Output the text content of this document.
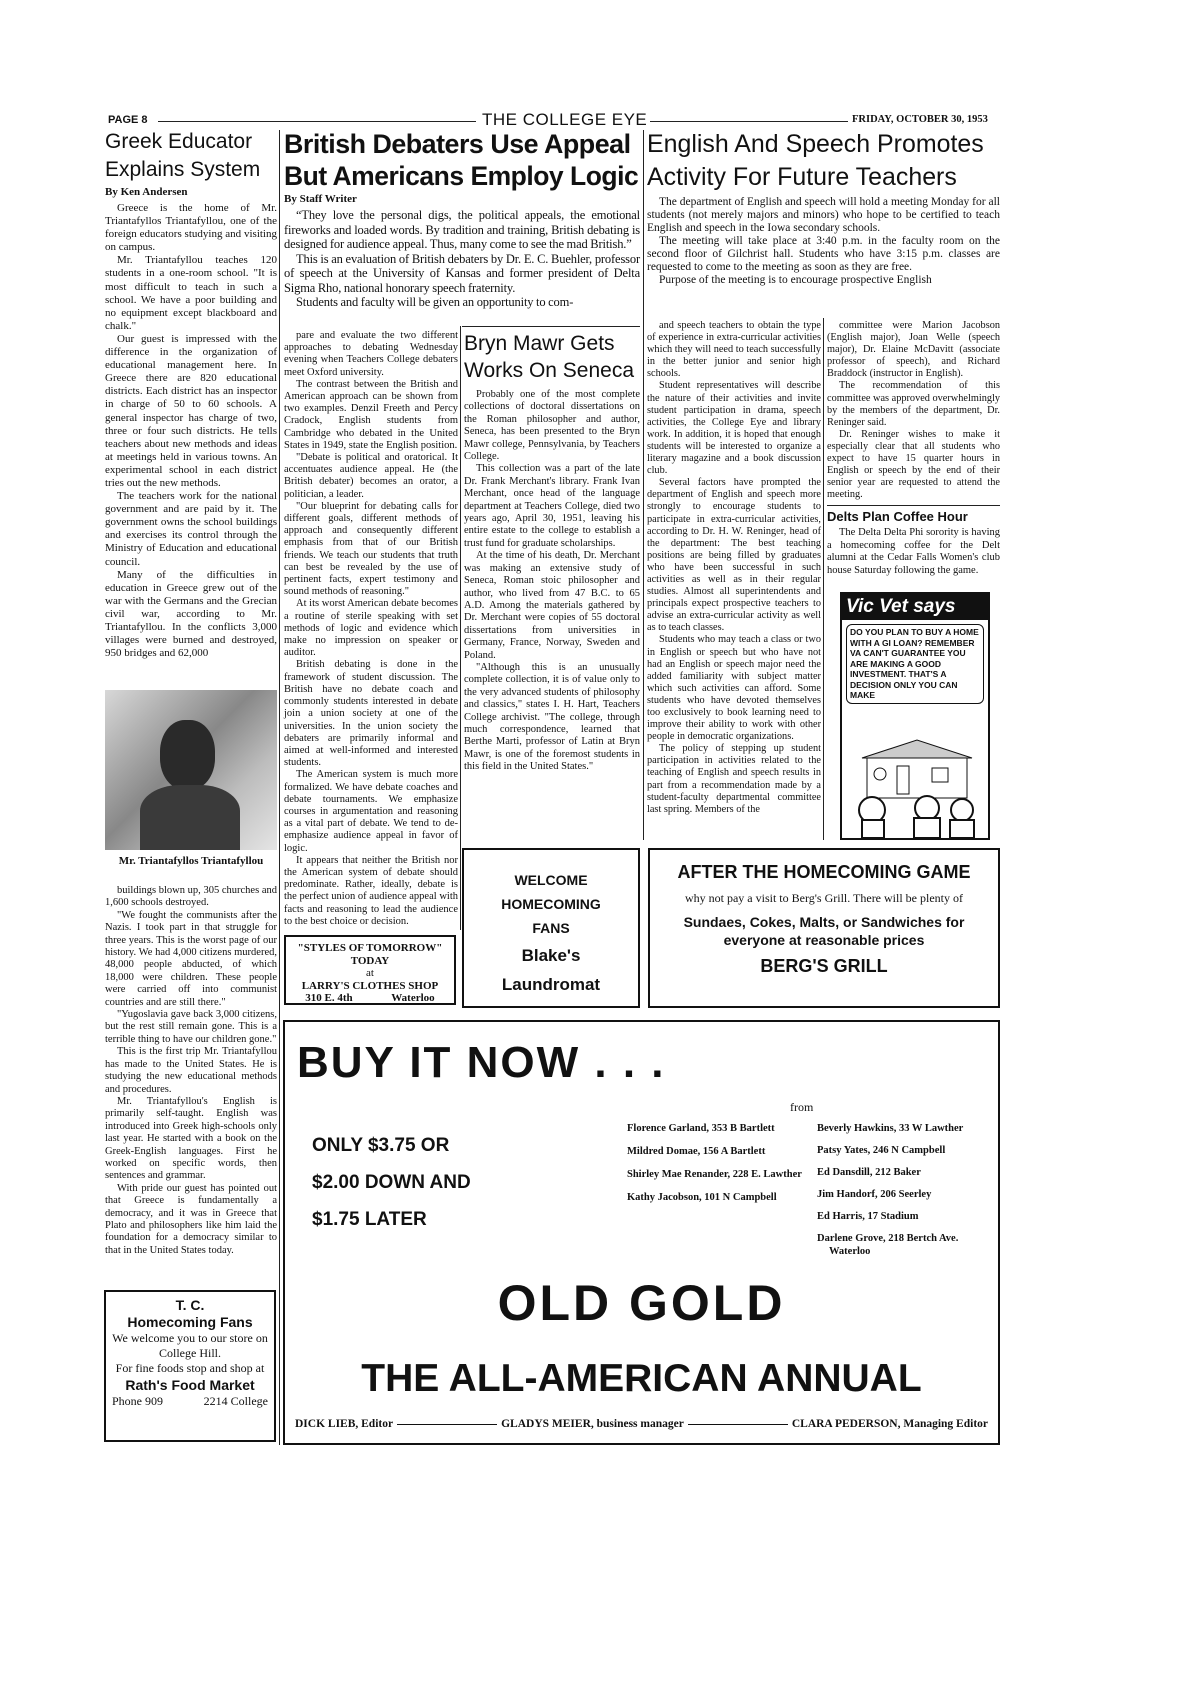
PAGE 8	THE COLLEGE EYE	FRIDAY, OCTOBER 30, 1953
Greek Educator Explains System
By Ken Andersen

Greece is the home of Mr. Triantafyllos Triantafyllou, one of the foreign educators studying and visiting on campus.

Mr. Triantafyllou teaches 120 students in a one-room school. "It is most difficult to teach in such a school. We have a poor building and no equipment except blackboard and chalk."

Our guest is impressed with the difference in the organization of educational management here. In Greece there are 820 educational districts. Each district has an inspector in charge of 50 to 60 schools. A general inspector has charge of two, three or four such districts. He tells teachers about new methods and ideas at meetings held in various towns. An experimental school in each district tries out the new methods.

The teachers work for the national government and are paid by it. The government owns the school buildings and exercises its control through the Ministry of Education and educational council.

Many of the difficulties in education in Greece grew out of the war with the Germans and the Grecian civil war, according to Mr. Triantafyllou. In the conflicts 3,000 villages were burned and destroyed, 950 bridges and 62,000

Mr. Triantafyllos Triantafyllou

buildings blown up, 305 churches and 1,600 schools destroyed.

"We fought the communists after the Nazis. I took part in that struggle for three years. This is the worst page of our history. We had 4,000 citizens murdered, 48,000 people abducted, of which 18,000 were children. These people were carried off into communist countries and are still there."

"Yugoslavia gave back 3,000 citizens, but the rest still remain gone. This is a terrible thing to have our children gone."

This is the first trip Mr. Triantafyllou has made to the United States. He is studying the new educational methods and procedures.

Mr. Triantafyllou's English is primarily self-taught. English was introduced into Greek high-schools only last year. He started with a book on the Greek-English languages. First he worked on specific words, then sentences and grammar.

With pride our guest has pointed out that Greece is fundamentally a democracy, and it was in Greece that Plato and philosophers like him laid the foundation for a democracy similar to that in the United States today.

T. C.
Homecoming Fans
We welcome you to our store on College Hill.
For fine foods stop and shop at
Rath's Food Market
Phone 909	2214 College
British Debaters Use Appeal
But Americans Employ Logic
By Staff Writer

“They love the personal digs, the political appeals, the emotional fireworks and loaded words. By tradition and training, British debating is designed for audience appeal. Thus, many come to see the mad British.”

This is an evaluation of British debaters by Dr. E. C. Buehler, professor of speech at the University of Kansas and former president of Delta Sigma Rho, national honorary speech fraternity.

Students and faculty will be given an opportunity to com-

pare and evaluate the two different approaches to debating Wednesday evening when Teachers College debaters meet Oxford university.

The contrast between the British and American approach can be shown from two examples. Denzil Freeth and Percy Cradock, English students from Cambridge who debated in the United States in 1949, state the English position.

"Debate is political and oratorical. It accentuates audience appeal. He (the British debater) becomes an orator, a politician, a leader.

"Our blueprint for debating calls for different goals, different methods of approach and consequently different emphasis from that of our British friends. We teach our students that truth can best be revealed by the use of pertinent facts, expert testimony and sound methods of reasoning."

At its worst American debate becomes a routine of sterile speaking with set methods of logic and evidence which make no impression on speaker or auditor.

British debating is done in the framework of student discussion. The British have no debate coach and commonly students interested in debate join a union society at one of the universities. In the union society the debaters are primarily informal and aimed at well-informed and interested students.

The American system is much more formalized. We have debate coaches and debate tournaments. We emphasize courses in argumentation and reasoning as a vital part of debate. We tend to de-emphasize audience appeal in favor of logic.

It appears that neither the British nor the American system of debate should predominate. Rather, ideally, debate is the perfect union of audience appeal with facts and reasoning to lead the audience to the best choice or decision.

"STYLES OF TOMORROW"
TODAY
at
LARRY'S CLOTHES SHOP
310 E. 4th	Waterloo
Bryn Mawr Gets Works On Seneca

Probably one of the most complete collections of doctoral dissertations on the Roman philosopher and author, Seneca, has been presented to the Bryn Mawr college, Pennsylvania, by Teachers College.

This collection was a part of the late Dr. Frank Merchant's library. Frank Ivan Merchant, once head of the language department at Teachers College, died two years ago, April 30, 1951, leaving his entire estate to the college to establish a trust fund for graduate scholarships.

At the time of his death, Dr. Merchant was making an extensive study of Seneca, Roman stoic philosopher and author, who lived from 47 B.C. to 65 A.D. Among the materials gathered by Dr. Merchant were copies of 55 doctoral dissertations from universities in Germany, France, Norway, Sweden and Poland.

"Although this is an unusually complete collection, it is of value only to the very advanced students of philosophy and classics," states I. H. Hart, Teachers College archivist. "The college, through much correspondence, learned that Berthe Marti, professor of Latin at Bryn Mawr, is one of the foremost students in this field in the United States."

WELCOME
HOMECOMING
FANS
Blake's
Laundromat
English And Speech Promotes
Activity For Future Teachers

The department of English and speech will hold a meeting Monday for all students (not merely majors and minors) who hope to be certified to teach English and speech in the Iowa secondary schools.

The meeting will take place at 3:40 p.m. in the faculty room on the second floor of Gilchrist hall. Students who have 3:15 p.m. classes are requested to come to the meeting as soon as they are free.

Purpose of the meeting is to encourage prospective English

and speech teachers to obtain the type of experience in extra-curricular activities which they will need to teach successfully in the better junior and senior high schools.

Student representatives will describe the nature of their activities and invite student participation in drama, speech activities, the College Eye and library work. In addition, it is hoped that enough students will be interested to organize a literary magazine and a book discussion club.

Several factors have prompted the department of English and speech more strongly to encourage students to participate in extra-curricular activities, according to Dr. H. W. Reninger, head of the department: The best teaching positions are being filled by graduates who have been successful in such activities as well as in their regular studies. Almost all superintendents and principals expect prospective teachers to advise an extra-curricular activity as well as to teach classes.

Students who may teach a class or two in English or speech but who have not had an English or speech major need the added familiarity with subject matter which such activities can afford. Some students who have devoted themselves too exclusively to book learning need to improve their ability to work with other people in democratic organizations.

The policy of stepping up student participation in activities related to the teaching of English and speech results in part from a recommendation made by a student-faculty departmental committee last spring. Members of the

committee were Marion Jacobson (English major), Joan Welle (speech major), Dr. Elaine McDavitt (associate professor of speech), and Richard Braddock (instructor in English).

The recommendation of this committee was approved overwhelmingly by the members of the department, Dr. Reninger said.

Dr. Reninger wishes to make it especially clear that all students who expect to have 15 quarter hours in English or speech by the end of their senior year are requested to attend the meeting.

Delts Plan Coffee Hour

The Delta Delta Phi sorority is having a homecoming coffee for the Delt alumni at the Cedar Falls Women's club house Saturday following the game.

Vic Vet says
DO YOU PLAN TO BUY A HOME WITH A GI LOAN? REMEMBER VA CAN'T GUARANTEE YOU ARE MAKING A GOOD INVESTMENT. THAT'S A DECISION ONLY YOU CAN MAKE
AFTER THE HOMECOMING GAME
why not pay a visit to Berg's Grill. There will be plenty of
Sundaes, Cokes, Malts, or Sandwiches for
everyone at reasonable prices
BERG'S GRILL
BUY IT NOW . . .
ONLY $3.75 OR
$2.00 DOWN AND
$1.75 LATER
from
Florence Garland, 353 B Bartlett
Mildred Domae, 156 A Bartlett
Shirley Mae Renander, 228 E. Lawther
Kathy Jacobson, 101 N Campbell
Beverly Hawkins, 33 W Lawther
Patsy Yates, 246 N Campbell
Ed Dansdill, 212 Baker
Jim Handorf, 206 Seerley
Ed Harris, 17 Stadium
Darlene Grove, 218 Bertch Ave. Waterloo
OLD GOLD
THE ALL-AMERICAN ANNUAL
DICK LIEB, Editor	GLADYS MEIER, business manager	CLARA PEDERSON, Managing Editor
